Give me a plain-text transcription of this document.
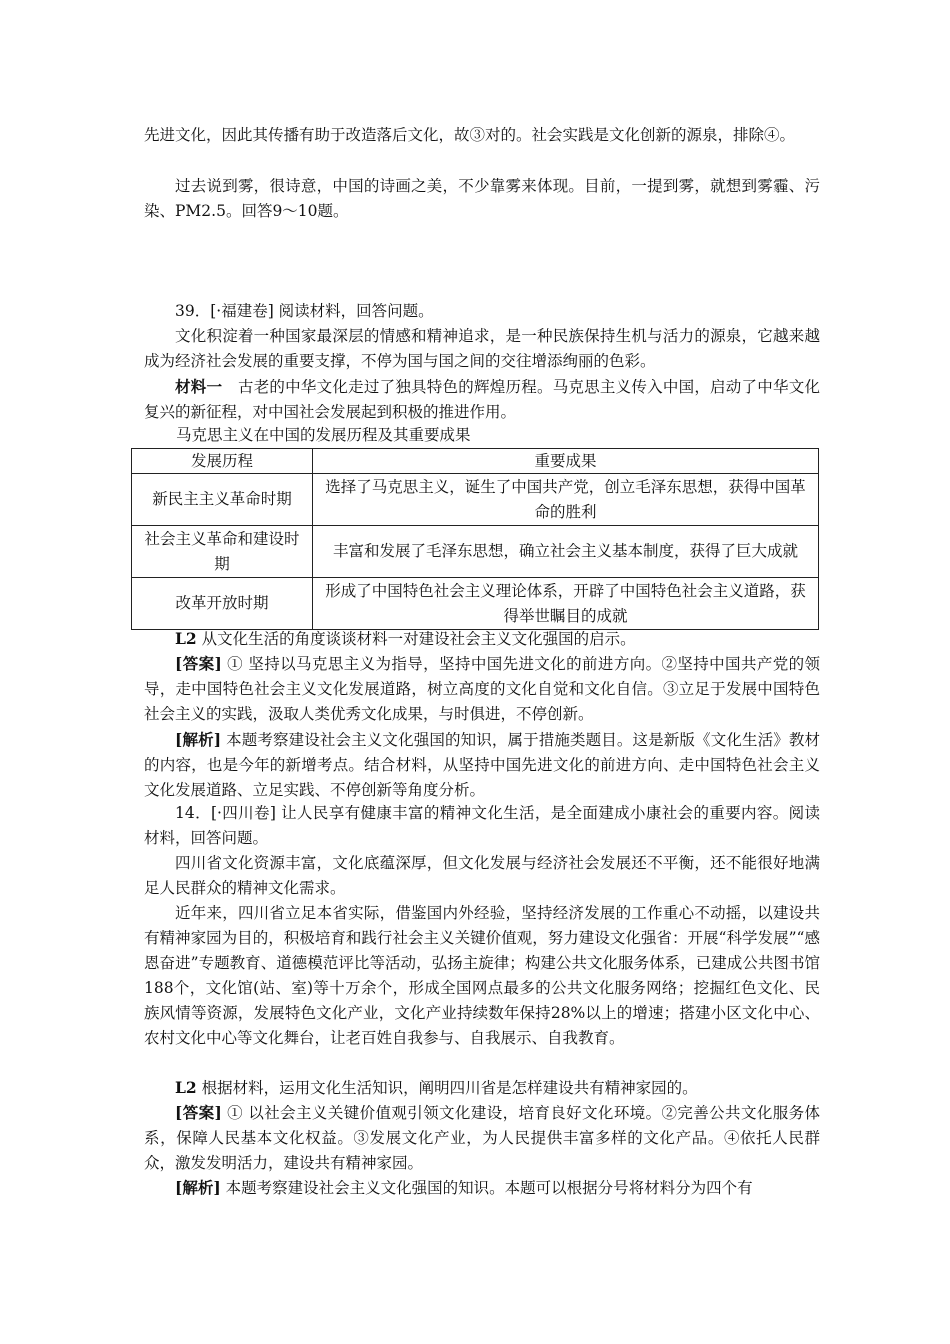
先进文化，因此其传播有助于改造落后文化，故③对的。社会实践是文化创新的源泉，排除④。

过去说到雾，很诗意，中国的诗画之美，不少靠雾来体现。目前，一提到雾，就想到雾霾、污染、PM2.5。回答9～10题。

39．[·福建卷] 阅读材料，回答问题。

文化积淀着一种国家最深层的情感和精神追求，是一种民族保持生机与活力的源泉，它越来越成为经济社会发展的重要支撑，不停为国与国之间的交往增添绚丽的色彩。

材料一　古老的中华文化走过了独具特色的辉煌历程。马克思主义传入中国，启动了中华文化复兴的新征程，对中国社会发展起到积极的推进作用。

马克思主义在中国的发展历程及其重要成果
发展历程	重要成果
新民主主义革命时期	选择了马克思主义，诞生了中国共产党，创立毛泽东思想，获得中国革命的胜利
社会主义革命和建设时期	丰富和发展了毛泽东思想，确立社会主义基本制度，获得了巨大成就
改革开放时期	形成了中国特色社会主义理论体系，开辟了中国特色社会主义道路，获得举世瞩目的成就

L2 从文化生活的角度谈谈材料一对建设社会主义文化强国的启示。

[答案] ① 坚持以马克思主义为指导，坚持中国先进文化的前进方向。②坚持中国共产党的领导，走中国特色社会主义文化发展道路，树立高度的文化自觉和文化自信。③立足于发展中国特色社会主义的实践，汲取人类优秀文化成果，与时俱进，不停创新。

[解析] 本题考察建设社会主义文化强国的知识，属于措施类题目。这是新版《文化生活》教材的内容，也是今年的新增考点。结合材料，从坚持中国先进文化的前进方向、走中国特色社会主义文化发展道路、立足实践、不停创新等角度分析。

14．[·四川卷] 让人民享有健康丰富的精神文化生活，是全面建成小康社会的重要内容。阅读材料，回答问题。

四川省文化资源丰富，文化底蕴深厚，但文化发展与经济社会发展还不平衡，还不能很好地满足人民群众的精神文化需求。

近年来，四川省立足本省实际，借鉴国内外经验，坚持经济发展的工作重心不动摇，以建设共有精神家园为目的，积极培育和践行社会主义关键价值观，努力建设文化强省：开展“科学发展”“感恩奋进”专题教育、道德模范评比等活动，弘扬主旋律；构建公共文化服务体系，已建成公共图书馆188个，文化馆(站、室)等十万余个，形成全国网点最多的公共文化服务网络；挖掘红色文化、民族风情等资源，发展特色文化产业，文化产业持续数年保持28%以上的增速；搭建小区文化中心、农村文化中心等文化舞台，让老百姓自我参与、自我展示、自我教育。

L2 根据材料，运用文化生活知识，阐明四川省是怎样建设共有精神家园的。

[答案] ① 以社会主义关键价值观引领文化建设，培育良好文化环境。②完善公共文化服务体系，保障人民基本文化权益。③发展文化产业，为人民提供丰富多样的文化产品。④依托人民群众，激发发明活力，建设共有精神家园。

[解析] 本题考察建设社会主义文化强国的知识。本题可以根据分号将材料分为四个有
